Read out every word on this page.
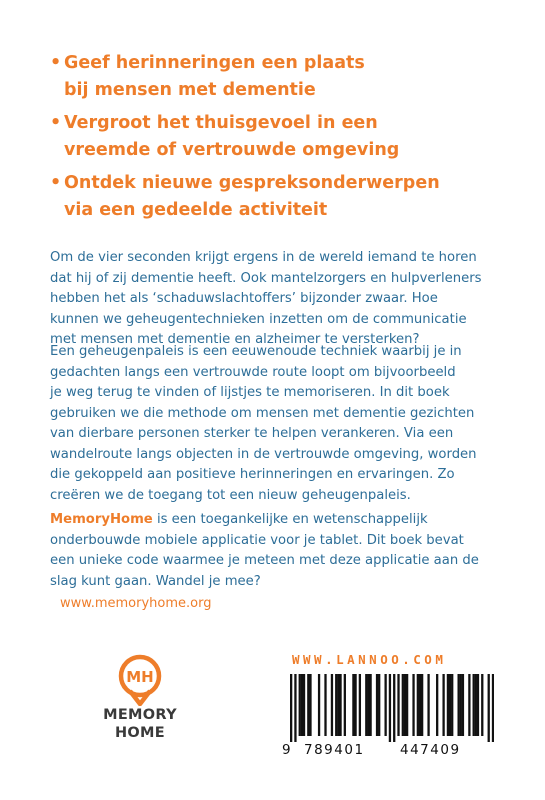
• Geef herinneringen een plaats
bij mensen met dementie
• Vergroot het thuisgevoel in een
vreemde of vertrouwde omgeving
• Ontdek nieuwe gespreksonderwerpen
via een gedeelde activiteit
Om de vier seconden krijgt ergens in de wereld iemand te horen
dat hij of zij dementie heeft. Ook mantelzorgers en hulpverleners
hebben het als ‘schaduwslachtoffers’ bijzonder zwaar. Hoe
kunnen we geheugentechnieken inzetten om de communicatie
met mensen met dementie en alzheimer te versterken?
Een geheugenpaleis is een eeuwenoude techniek waarbij je in
gedachten langs een vertrouwde route loopt om bijvoorbeeld
je weg terug te vinden of lijstjes te memoriseren. In dit boek
gebruiken we die methode om mensen met dementie gezichten
van dierbare personen sterker te helpen verankeren. Via een
wandelroute langs objecten in de vertrouwde omgeving, worden
die gekoppeld aan positieve herinneringen en ervaringen. Zo
creëren we de toegang tot een nieuw geheugenpaleis.
MemoryHome is een toegankelijke en wetenschappelijk
onderbouwde mobiele applicatie voor je tablet. Dit boek bevat
een unieke code waarmee je meteen met deze applicatie aan de
slag kunt gaan. Wandel je mee?
www.memoryhome.org
MH
MEMORY
HOME
WWW.LANNOO.COM
9 789401	447409
